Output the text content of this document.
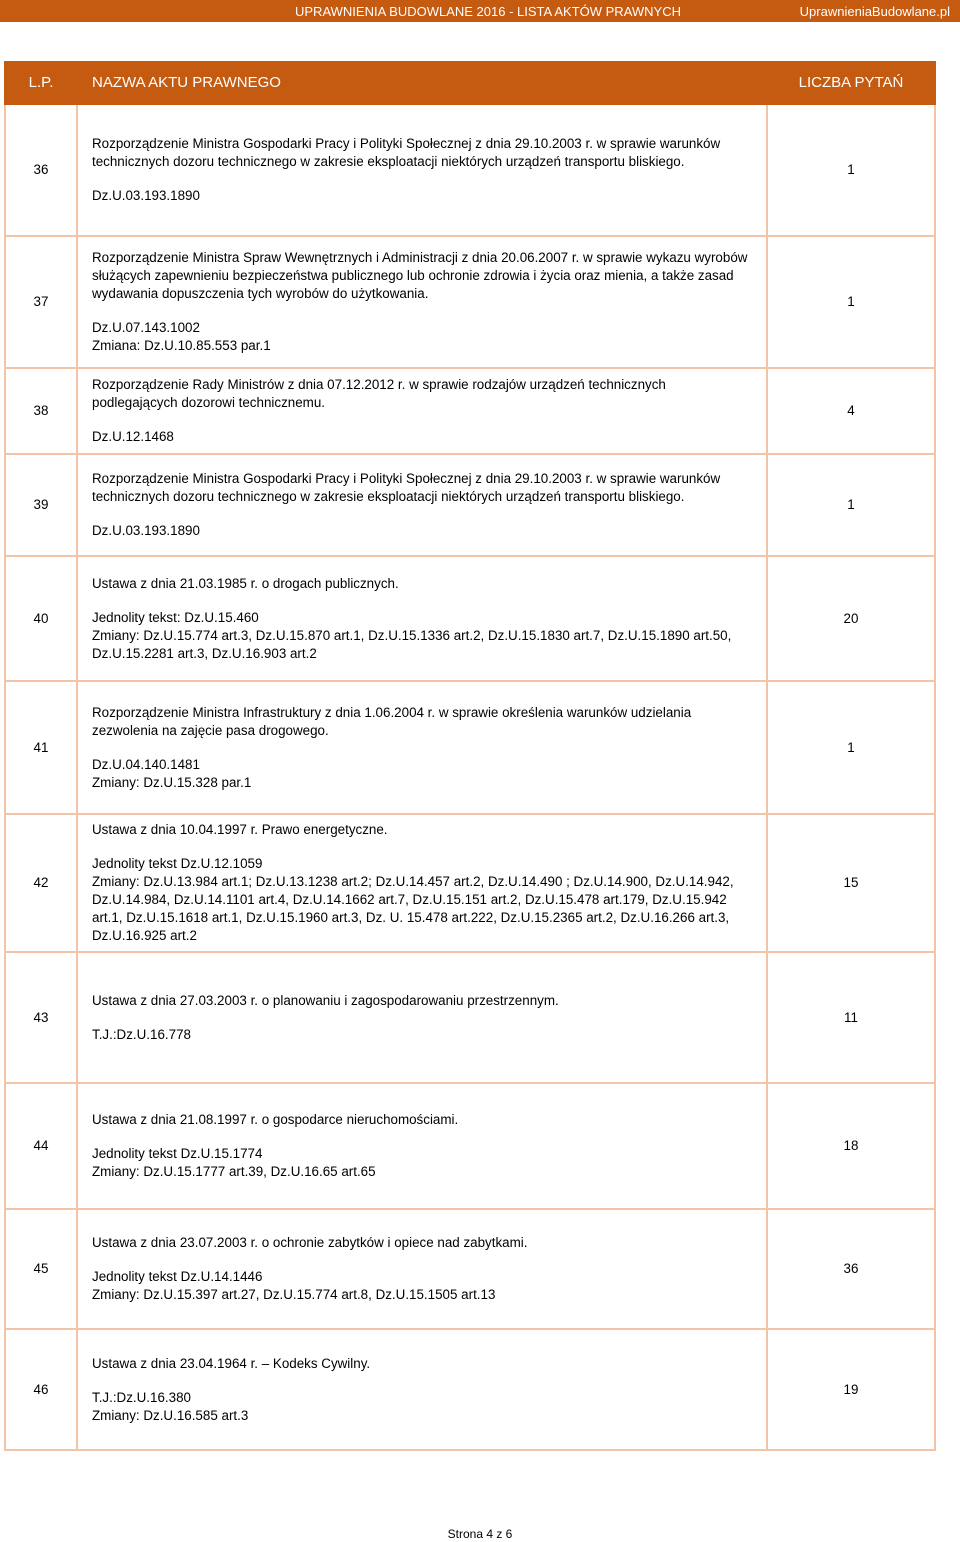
UPRAWNIENIA BUDOWLANE 2016 - LISTA AKTÓW PRAWNYCH	UprawnieniaBudowlane.pl
L.P.	NAZWA AKTU PRAWNEGO	LICZBA PYTAŃ
36	Rozporządzenie Ministra Gospodarki Pracy i Polityki Społecznej z dnia 29.10.2003 r. w sprawie warunków technicznych dozoru technicznego w zakresie eksploatacji niektórych urządzeń transportu bliskiego.

Dz.U.03.193.1890	1
37	Rozporządzenie Ministra Spraw Wewnętrznych i Administracji z dnia 20.06.2007 r. w sprawie wykazu wyrobów służących zapewnieniu bezpieczeństwa publicznego lub ochronie zdrowia i życia oraz mienia, a także zasad wydawania dopuszczenia tych wyrobów do użytkowania.

Dz.U.07.143.1002
Zmiana: Dz.U.10.85.553 par.1	1
38	Rozporządzenie Rady Ministrów z dnia 07.12.2012 r. w sprawie rodzajów urządzeń technicznych podlegających dozorowi technicznemu.

Dz.U.12.1468	4
39	Rozporządzenie Ministra Gospodarki Pracy i Polityki Społecznej z dnia 29.10.2003 r. w sprawie warunków technicznych dozoru technicznego w zakresie eksploatacji niektórych urządzeń transportu bliskiego.

Dz.U.03.193.1890	1
40	Ustawa z dnia 21.03.1985 r. o drogach publicznych.

Jednolity tekst: Dz.U.15.460
Zmiany: Dz.U.15.774 art.3, Dz.U.15.870 art.1, Dz.U.15.1336 art.2, Dz.U.15.1830 art.7, Dz.U.15.1890 art.50, Dz.U.15.2281 art.3, Dz.U.16.903 art.2	20
41	Rozporządzenie Ministra Infrastruktury z dnia 1.06.2004 r. w sprawie określenia warunków udzielania zezwolenia na zajęcie pasa drogowego.

Dz.U.04.140.1481
Zmiany: Dz.U.15.328 par.1	1
42	Ustawa z dnia 10.04.1997 r. Prawo energetyczne.

Jednolity tekst Dz.U.12.1059
Zmiany: Dz.U.13.984 art.1; Dz.U.13.1238 art.2; Dz.U.14.457 art.2, Dz.U.14.490 ; Dz.U.14.900, Dz.U.14.942, Dz.U.14.984, Dz.U.14.1101 art.4, Dz.U.14.1662 art.7, Dz.U.15.151 art.2, Dz.U.15.478 art.179, Dz.U.15.942 art.1, Dz.U.15.1618 art.1, Dz.U.15.1960 art.3, Dz. U. 15.478 art.222, Dz.U.15.2365 art.2, Dz.U.16.266 art.3, Dz.U.16.925 art.2	15
43	Ustawa z dnia 27.03.2003 r. o planowaniu i zagospodarowaniu przestrzennym.

T.J.:Dz.U.16.778	11
44	Ustawa z dnia 21.08.1997 r. o gospodarce nieruchomościami.

Jednolity tekst Dz.U.15.1774
Zmiany: Dz.U.15.1777 art.39, Dz.U.16.65 art.65	18
45	Ustawa z dnia 23.07.2003 r. o ochronie zabytków i opiece nad zabytkami.

Jednolity tekst Dz.U.14.1446
Zmiany: Dz.U.15.397 art.27, Dz.U.15.774 art.8, Dz.U.15.1505 art.13	36
46	Ustawa z dnia 23.04.1964 r. – Kodeks Cywilny.

T.J.:Dz.U.16.380
Zmiany: Dz.U.16.585 art.3	19
Strona 4 z 6
